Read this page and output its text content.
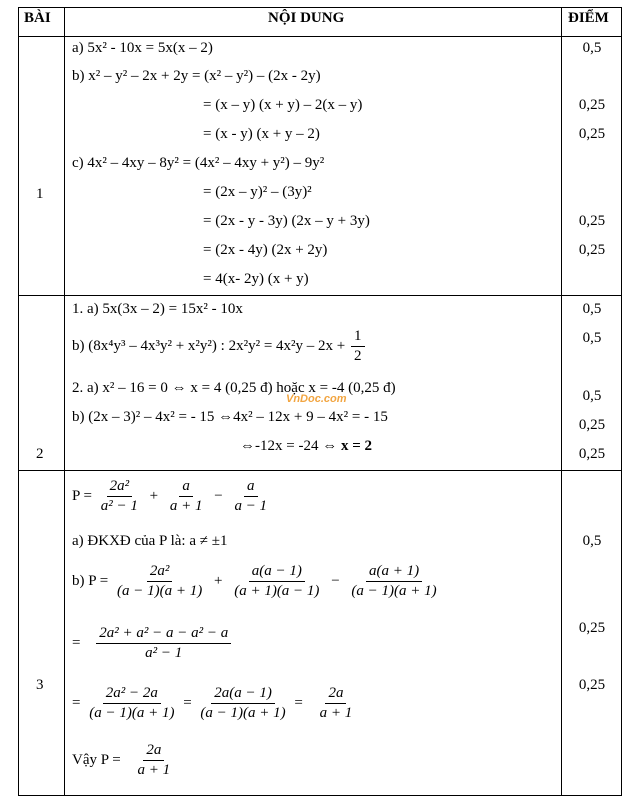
BÀI	NỘI DUNG	ĐIỂM
1
a) 5x² - 10x = 5x(x – 2)
b) x² – y² – 2x + 2y = (x² – y²) – (2x - 2y)
= (x – y) (x + y) – 2(x – y)
= (x - y) (x + y – 2)
c) 4x² – 4xy – 8y² = (4x² – 4xy + y²) – 9y²
= (2x – y)² – (3y)²
= (2x - y - 3y) (2x – y + 3y)
= (2x - 4y) (2x + 2y)
= 4(x- 2y) (x + y)
0,5
0,25
0,25
0,25
0,25
2
1. a) 5x(3x – 2) = 15x² - 10x
b) (8x⁴y³ – 4x³y² + x²y²) : $2x^2y^2 = 4x^2y - 2x + \frac{1}{2}$
2. a) x² – 16 = 0 ⇔ x = 4 (0,25 đ) hoặc x = -4 (0,25 đ)
b) (2x – 3)² – 4x² = - 15 ⇔4x² – 12x + 9 – 4x² = - 15
⇔-12x = -24 ⇔ x = 2
0,5
0,5
0,5
0,25
0,25
VnDoc.com
3
$P = \frac{\text{2a²}}{\text{a² − 1}} + \frac{a}{a + 1} - \frac{a}{a - 1}$
a) ĐKXĐ của P là: a ≠ ±1
b) $P = \frac{\text{2a²}}{(a - 1)(a + 1)} + \frac{a(a - 1)}{(a + 1)(a - 1)} - \frac{a(a + 1)}{(a - 1)(a + 1)}$
= $\frac{\text{2a² + a² − a − a² − a}}{\text{a² − 1}}$
= $\frac{\text{2a² − 2a}}{(a - 1)(a + 1)} = \frac{2a(a - 1)}{(a - 1)(a + 1)} = \frac{2a}{a + 1}$
Vậy $P = \frac{2a}{a + 1}$
0,5
0,25
0,25
